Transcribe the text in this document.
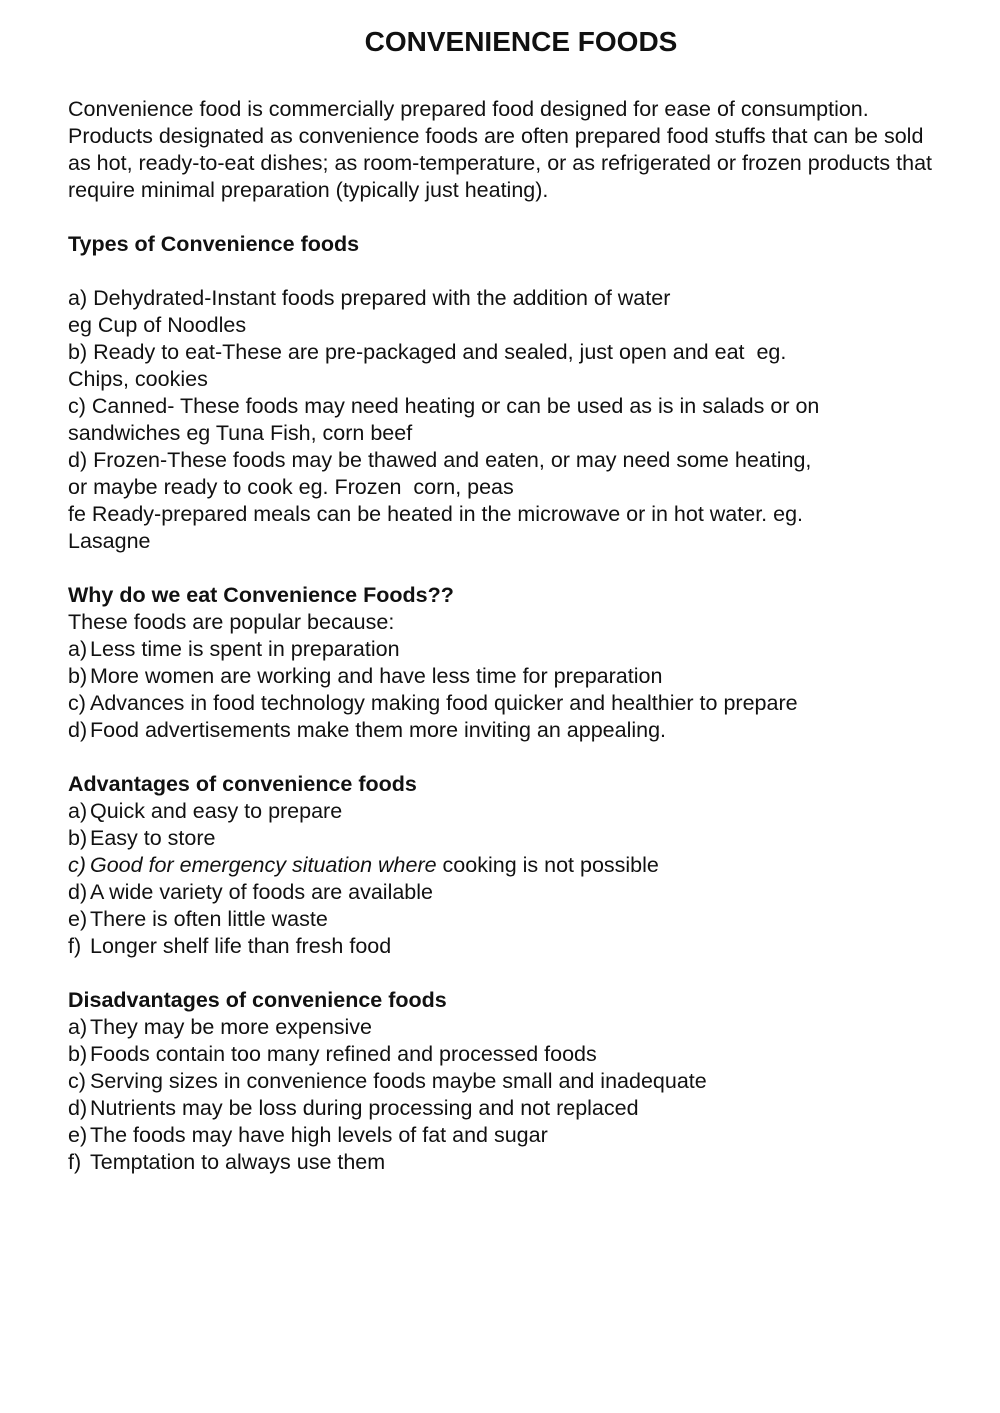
CONVENIENCE FOODS

Convenience food is commercially prepared food designed for ease of consumption. Products designated as convenience foods are often prepared food stuffs that can be sold as hot, ready-to-eat dishes; as room-temperature, or as refrigerated or frozen products that require minimal preparation (typically just heating).

Types of Convenience foods
a) Dehydrated-Instant foods prepared with the addition of water
eg Cup of Noodles
b) Ready to eat-These are pre-packaged and sealed, just open and eat  eg.
Chips, cookies
c) Canned- These foods may need heating or can be used as is in salads or on
sandwiches eg Tuna Fish, corn beef
d) Frozen-These foods may be thawed and eaten, or may need some heating,
or maybe ready to cook eg. Frozen  corn, peas
fe Ready-prepared meals can be heated in the microwave or in hot water. eg.
Lasagne
Why do we eat Convenience Foods??
These foods are popular because:
a) Less time is spent in preparation
b) More women are working and have less time for preparation
c) Advances in food technology making food quicker and healthier to prepare
d) Food advertisements make them more inviting an appealing.
Advantages of convenience foods
a) Quick and easy to prepare
b) Easy to store
c) Good for emergency situation where cooking is not possible
d) A wide variety of foods are available
e) There is often little waste
f) Longer shelf life than fresh food
Disadvantages of convenience foods
a) They may be more expensive
b) Foods contain too many refined and processed foods
c) Serving sizes in convenience foods maybe small and inadequate
d) Nutrients may be loss during processing and not replaced
e) The foods may have high levels of fat and sugar
f) Temptation to always use them
